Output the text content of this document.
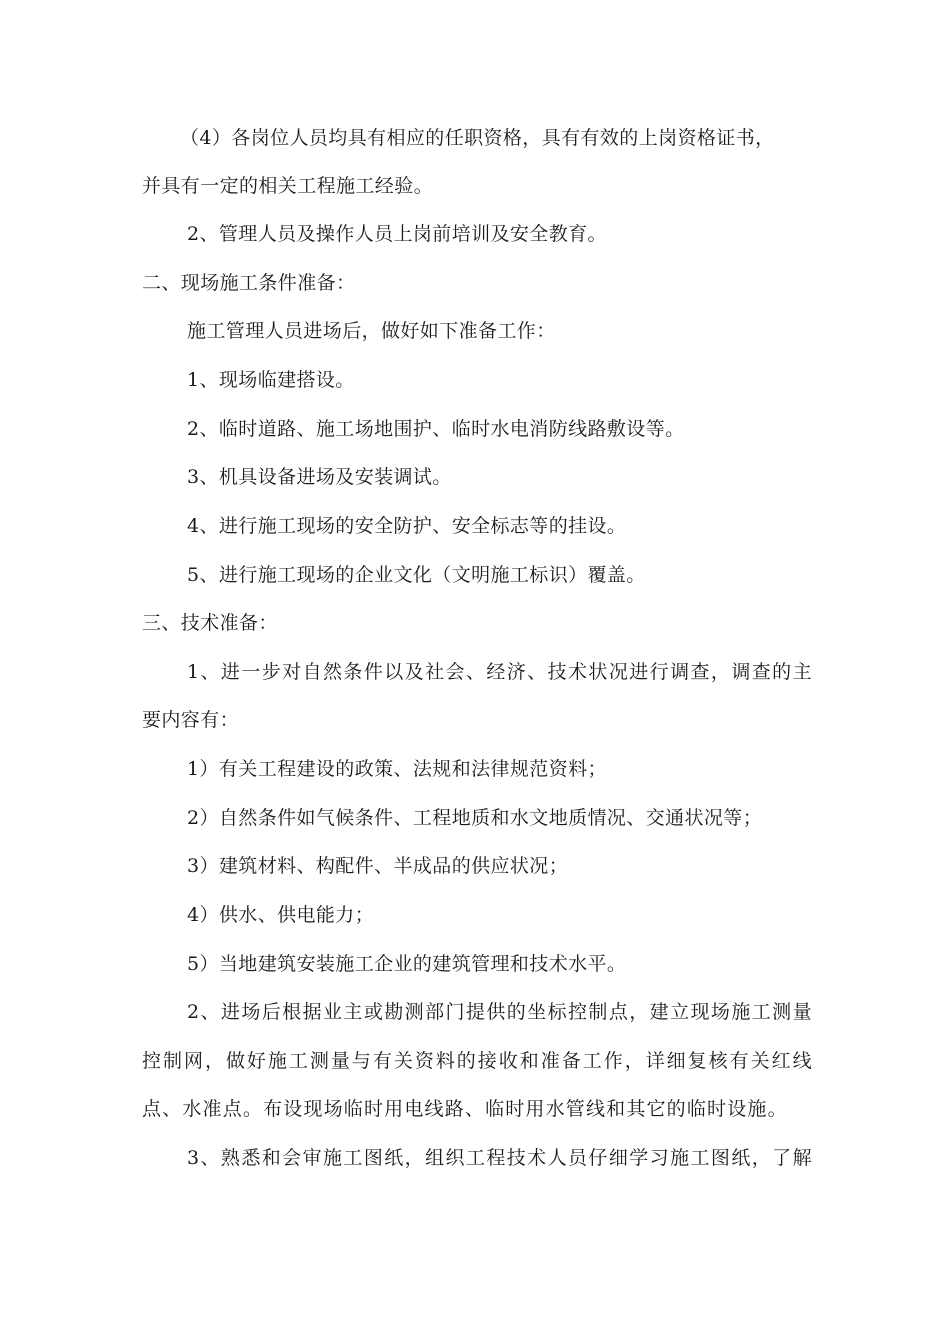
（4）各岗位人员均具有相应的任职资格，具有有效的上岗资格证书，
并具有一定的相关工程施工经验。
2、管理人员及操作人员上岗前培训及安全教育。
二、现场施工条件准备：
施工管理人员进场后，做好如下准备工作：
1、现场临建搭设。
2、临时道路、施工场地围护、临时水电消防线路敷设等。
3、机具设备进场及安装调试。
4、进行施工现场的安全防护、安全标志等的挂设。
5、进行施工现场的企业文化（文明施工标识）覆盖。
三、技术准备：
1、进一步对自然条件以及社会、经济、技术状况进行调查，调查的主
要内容有：
1）有关工程建设的政策、法规和法律规范资料；
2）自然条件如气候条件、工程地质和水文地质情况、交通状况等；
3）建筑材料、构配件、半成品的供应状况；
4）供水、供电能力；
5）当地建筑安装施工企业的建筑管理和技术水平。
2、进场后根据业主或勘测部门提供的坐标控制点，建立现场施工测量
控制网，做好施工测量与有关资料的接收和准备工作，详细复核有关红线
点、水准点。布设现场临时用电线路、临时用水管线和其它的临时设施。
3、熟悉和会审施工图纸，组织工程技术人员仔细学习施工图纸，了解
